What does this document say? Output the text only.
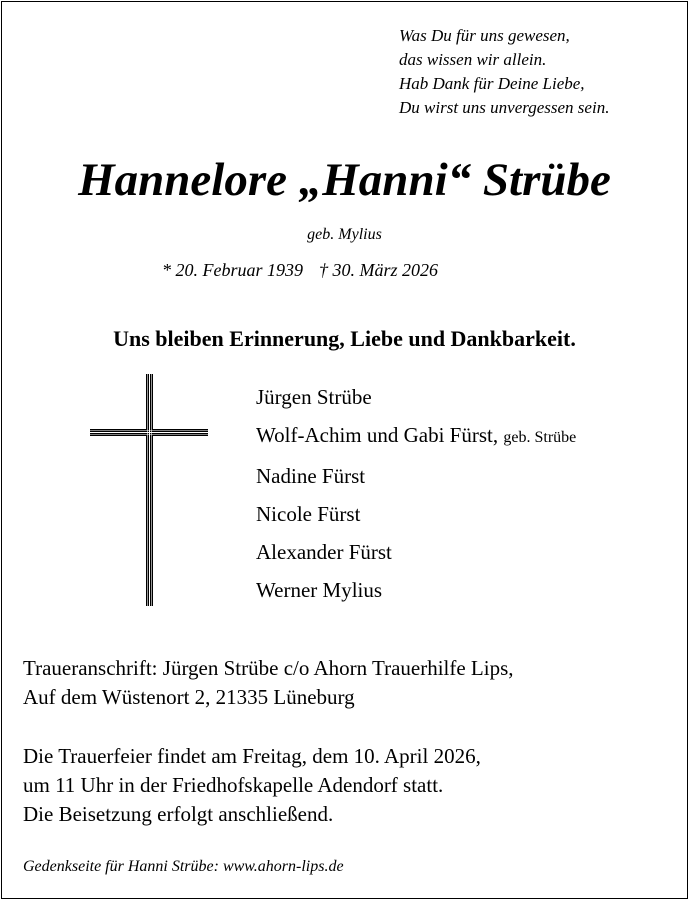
Was Du für uns gewesen,
das wissen wir allein.
Hab Dank für Deine Liebe,
Du wirst uns unvergessen sein.
Hannelore „Hanni“ Strübe
geb. Mylius
* 20. Februar 1939 † 30. März 2026
Uns bleiben Erinnerung, Liebe und Dankbarkeit.
Jürgen Strübe
Wolf-Achim und Gabi Fürst, geb. Strübe
Nadine Fürst
Nicole Fürst
Alexander Fürst
Werner Mylius
Traueranschrift: Jürgen Strübe c/o Ahorn Trauerhilfe Lips,
Auf dem Wüstenort 2, 21335 Lüneburg
Die Trauerfeier findet am Freitag, dem 10. April 2026,
um 11 Uhr in der Friedhofskapelle Adendorf statt.
Die Beisetzung erfolgt anschließend.
Gedenkseite für Hanni Strübe: www.ahorn-lips.de
